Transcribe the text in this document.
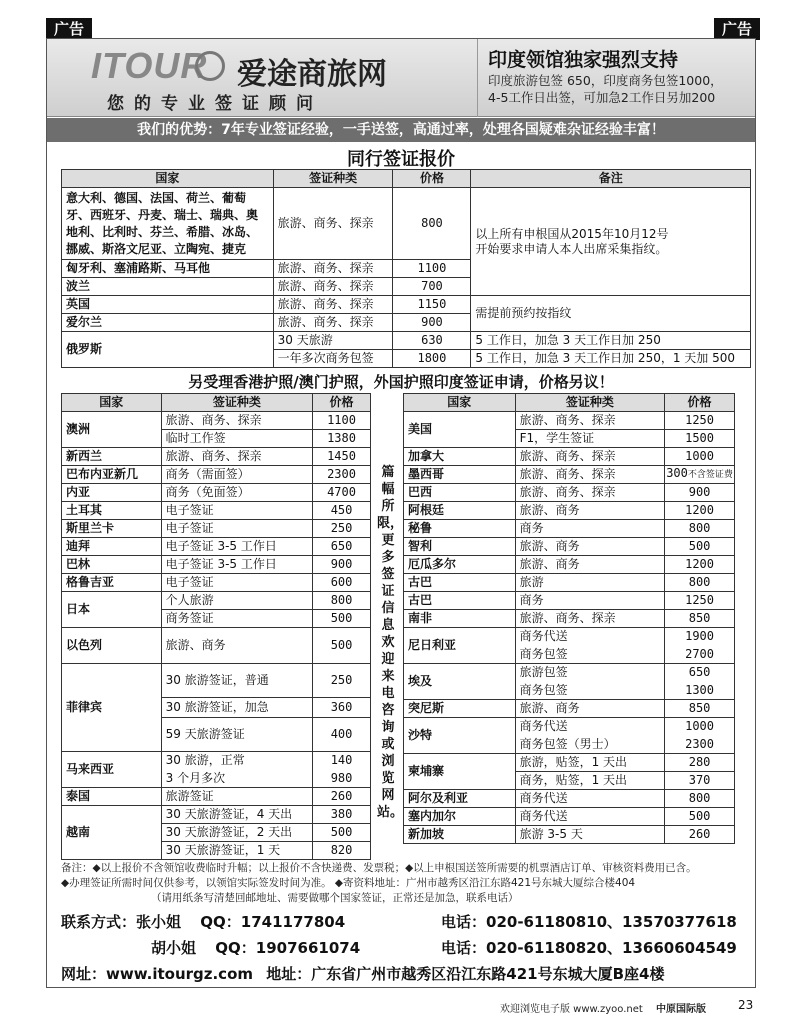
广告	广告
ITOUR 爱途商旅网
您的专业签证顾问
印度领馆独家强烈支持
印度旅游包签 650，印度商务包签1000，
4-5工作日出签，可加急2工作日另加200
我们的优势：7年专业签证经验，一手送签，高通过率，处理各国疑难杂证经验丰富！
同行签证报价
国家	签证种类	价格	备注
意大利、德国、法国、荷兰、葡萄牙、西班牙、丹麦、瑞士、瑞典、奥地利、比利时、芬兰、希腊、冰岛、挪威、斯洛文尼亚、立陶宛、捷克	旅游、商务、探亲	800	以上所有申根国从2015年10月12号
开始要求申请人本人出席采集指纹。

匈牙利、塞浦路斯、马耳他	旅游、商务、探亲	1100	
波兰	旅游、商务、探亲	700	
英国	旅游、商务、探亲	1150	需提前预约按指纹
爱尔兰	旅游、商务、探亲	900	
俄罗斯	30 天旅游	630	5 工作日，加急 3 天工作日加 250
	一年多次商务包签	1800	5 工作日，加急 3 天工作日加 250，1 天加 500
另受理香港护照/澳门护照，外国护照印度签证申请，价格另议！
国家	签证种类	价格
澳洲	旅游、商务、探亲	1100
	临时工作签	1380
新西兰	旅游、商务、探亲	1450
巴布内亚新几	商务（需面签）	2300
内亚	商务（免面签）	4700
土耳其	电子签证	450
斯里兰卡	电子签证	250
迪拜	电子签证 3-5 工作日	650
巴林	电子签证 3-5 工作日	900
格鲁吉亚	电子签证	600
日本	个人旅游	800
	商务签证	500
以色列	旅游、商务	500
菲律宾	30 旅游签证，普通	250
	30 旅游签证，加急	360
	59 天旅游签证	400
马来西亚	30 旅游，正常	140
	3 个月多次	980
泰国	旅游签证	260
越南	30 天旅游签证，4 天出	380
	30 天旅游签证，2 天出	500
	30 天旅游签证，1 天	820
篇幅所限，更多签证信息欢迎来电咨询或浏览网站。
国家	签证种类	价格
美国	旅游、商务、探亲	1250
	F1，学生签证	1500
加拿大	旅游、商务、探亲	1000
墨西哥	旅游、商务、探亲	300不含签证费
巴西	旅游、商务、探亲	900
阿根廷	旅游、商务	1200
秘鲁	商务	800
智利	旅游、商务	500
厄瓜多尔	旅游、商务	1200
古巴	旅游	800
古巴	商务	1250
南非	旅游、商务、探亲	850
尼日利亚	商务代送	1900
	商务包签	2700
埃及	旅游包签	650
	商务包签	1300
突尼斯	旅游、商务	850
沙特	商务代送	1000
	商务包签（男士）	2300
柬埔寨	旅游，贴签，1 天出	280
	商务，贴签，1 天出	370
阿尔及利亚	商务代送	800
塞内加尔	商务代送	500
新加坡	旅游 3-5 天	260
备注：◆以上报价不含领馆收费临时升幅；以上报价不含快递费、发票税；◆以上申根国送签所需要的机票酒店订单、审核资料费用已含。
◆办理签证所需时间仅供参考，以领馆实际签发时间为准。 ◆寄资料地址：广州市越秀区沿江东路421号东城大厦综合楼404
（请用纸条写清楚回邮地址、需要做哪个国家签证，正常还是加急，联系电话）
联系方式：张小姐 QQ：1741177804	电话：020-61180810、13570377618
胡小姐 QQ：1907661074	电话：020-61180820、13660604549
网址：www.itourgz.com 地址：广东省广州市越秀区沿江东路421号东城大厦B座4楼
欢迎浏览电子版 www.zyoo.net 中原国际版	23
